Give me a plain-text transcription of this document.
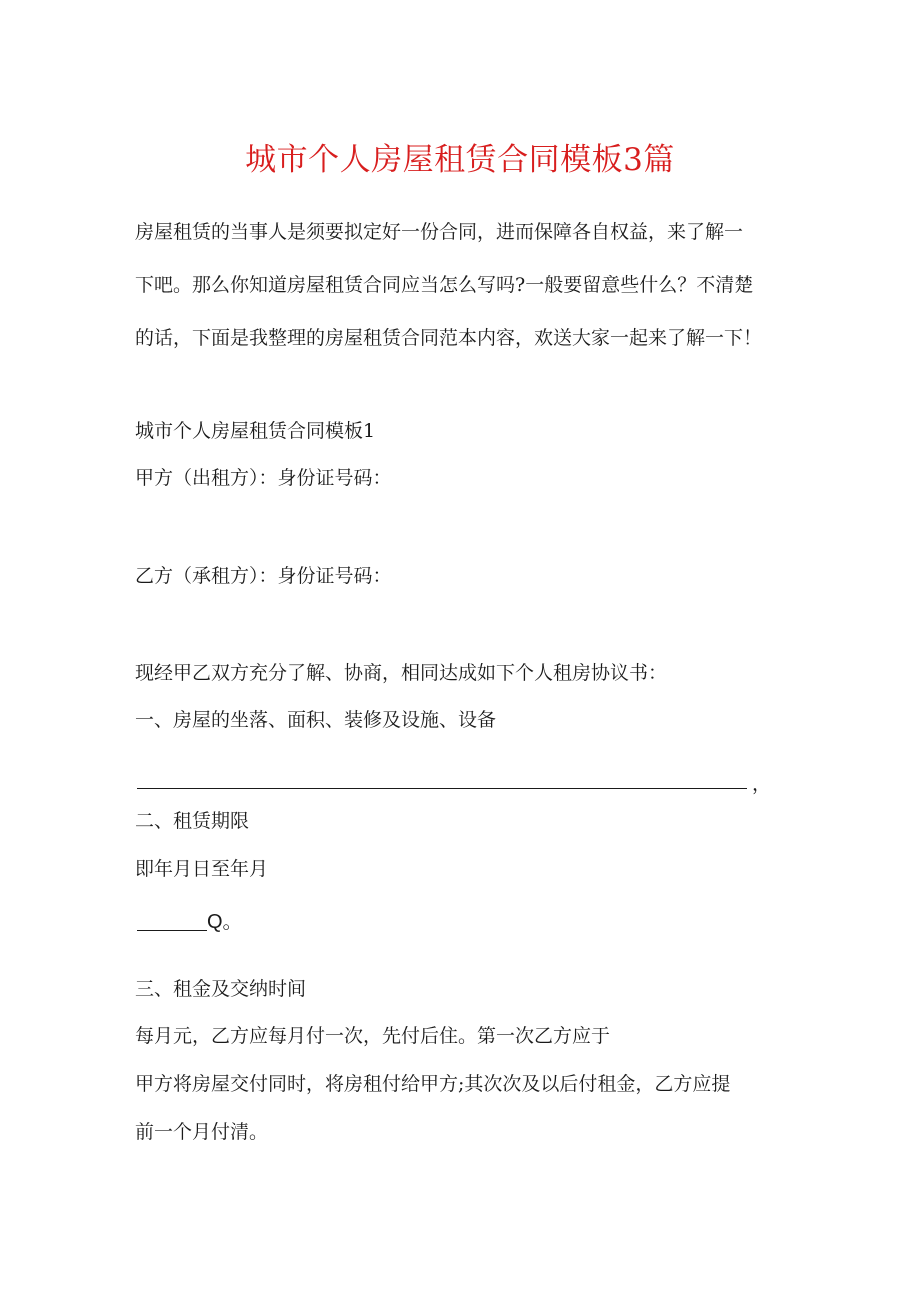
城市个人房屋租赁合同模板3篇
房屋租赁的当事人是须要拟定好一份合同，进而保障各自权益，来了解一
下吧。那么你知道房屋租赁合同应当怎么写吗?一般要留意些什么？不清楚
的话，下面是我整理的房屋租赁合同范本内容，欢送大家一起来了解一下！
城市个人房屋租赁合同模板1
甲方（出租方）：身份证号码：
乙方（承租方）：身份证号码：
现经甲乙双方充分了解、协商，相同达成如下个人租房协议书：
一、房屋的坐落、面积、装修及设施、设备
，
二、租赁期限
即年月日至年月
Q。
三、租金及交纳时间
每月元，乙方应每月付一次，先付后住。第一次乙方应于
甲方将房屋交付同时，将房租付给甲方;其次次及以后付租金，乙方应提
前一个月付清。
